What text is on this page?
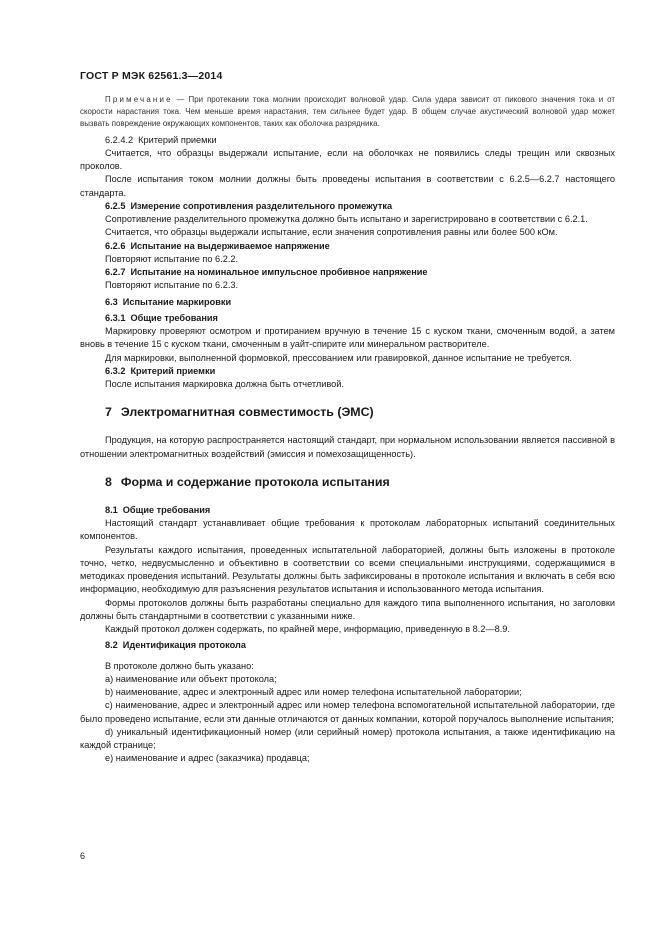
ГОСТ Р МЭК 62561.3—2014
Примечание — При протекании тока молнии происходит волновой удар. Сила удара зависит от пикового значения тока и от скорости нарастания тока. Чем меньше время нарастания, тем сильнее будет удар. В общем случае акустический волновой удар может вызвать повреждение окружающих компонентов, таких как оболочка разрядника.
6.2.4.2 Критерий приемки

Считается, что образцы выдержали испытание, если на оболочках не появились следы трещин или сквозных проколов.

После испытания током молнии должны быть проведены испытания в соответствии с 6.2.5—6.2.7 настоящего стандарта.

6.2.5 Измерение сопротивления разделительного промежутка

Сопротивление разделительного промежутка должно быть испытано и зарегистрировано в соответствии с 6.2.1.

Считается, что образцы выдержали испытание, если значения сопротивления равны или более 500 кОм.

6.2.6 Испытание на выдерживаемое напряжение

Повторяют испытание по 6.2.2.

6.2.7 Испытание на номинальное импульсное пробивное напряжение

Повторяют испытание по 6.2.3.

6.3 Испытание маркировки
6.3.1 Общие требования

Маркировку проверяют осмотром и протиранием вручную в течение 15 с куском ткани, смоченным водой, а затем вновь в течение 15 с куском ткани, смоченным в уайт-спирите или минеральном растворителе.

Для маркировки, выполненной формовкой, прессованием или гравировкой, данное испытание не требуется.

6.3.2 Критерий приемки

После испытания маркировка должна быть отчетливой.

7 Электромагнитная совместимость (ЭМС)

Продукция, на которую распространяется настоящий стандарт, при нормальном использовании является пассивной в отношении электромагнитных воздействий (эмиссия и помехозащищенность).

8 Форма и содержание протокола испытания
8.1 Общие требования

Настоящий стандарт устанавливает общие требования к протоколам лабораторных испытаний соединительных компонентов.

Результаты каждого испытания, проведенных испытательной лабораторией, должны быть изложены в протоколе точно, четко, недвусмысленно и объективно в соответствии со всеми специальными инструкциями, содержащимися в методиках проведения испытаний. Результаты должны быть зафиксированы в протоколе испытания и включать в себя всю информацию, необходимую для разъяснения результатов испытания и использованного метода испытания.

Формы протоколов должны быть разработаны специально для каждого типа выполненного испытания, но заголовки должны быть стандартными в соответствии с указанными ниже.

Каждый протокол должен содержать, по крайней мере, информацию, приведенную в 8.2—8.9.

8.2 Идентификация протокола

В протоколе должно быть указано:

a) наименование или объект протокола;

b) наименование, адрес и электронный адрес или номер телефона испытательной лаборатории;

c) наименование, адрес и электронный адрес или номер телефона вспомогательной испытательной лаборатории, где было проведено испытание, если эти данные отличаются от данных компании, которой поручалось выполнение испытания;

d) уникальный идентификационный номер (или серийный номер) протокола испытания, а также идентификацию на каждой странице;

e) наименование и адрес (заказчика) продавца;

6
